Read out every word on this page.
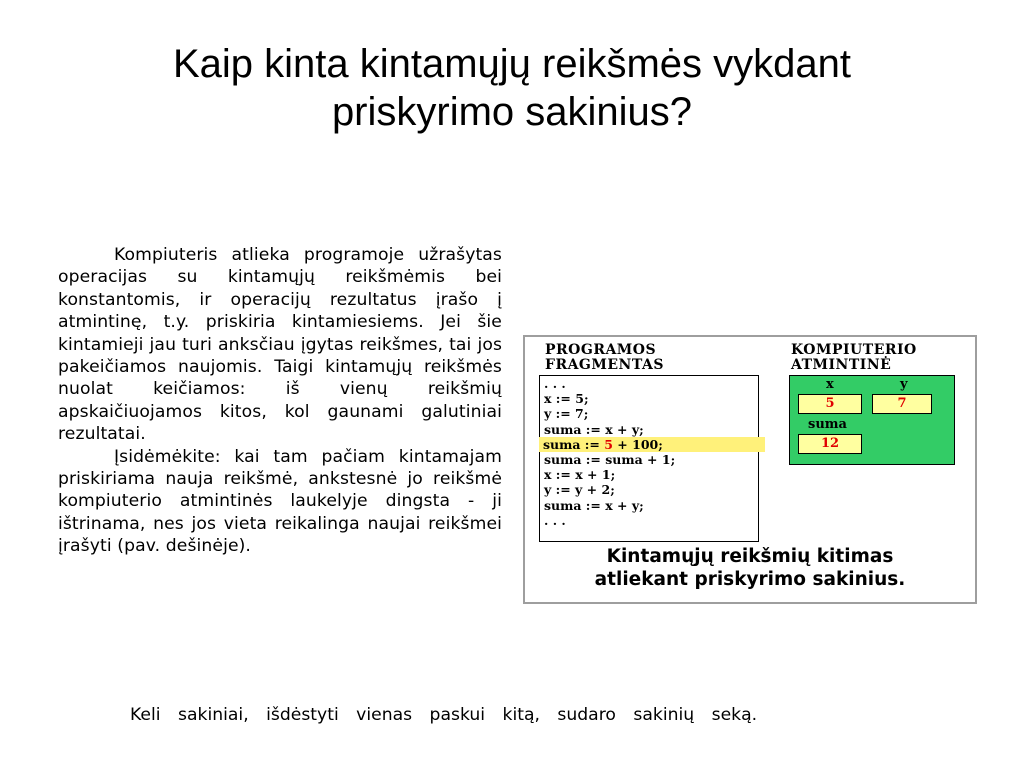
Kaip kinta kintamųjų reikšmės vykdant
priskyrimo sakinius?

Kompiuteris atlieka programoje užrašytas operacijas su kintamųjų reikšmėmis bei konstantomis, ir operacijų rezultatus įrašo į atmintinę, t.y. priskiria kintamiesiems. Jei šie kintamieji jau turi anksčiau įgytas reikšmes, tai jos pakeičiamos naujomis. Taigi kintamųjų reikšmės nuolat keičiamos: iš vienų reikšmių apskaičiuojamos kitos, kol gaunami galutiniai rezultatai.

Įsidėmėkite: kai tam pačiam kintamajam priskiriama nauja reikšmė, ankstesnė jo reikšmė kompiuterio atmintinės laukelyje dingsta - ji ištrinama, nes jos vieta reikalinga naujai reikšmei įrašyti (pav. dešinėje).

PROGRAMOS
FRAGMENTAS
KOMPIUTERIO
ATMINTINĖ
. . .
x := 5;
y := 7;
suma := x + y;
suma := 5 + 100;
suma := suma + 1;
x := x + 1;
y := y + 2;
suma := x + y;
. . .
x
5
y
7
suma
12
Kintamųjų reikšmių kitimas
atliekant priskyrimo sakinius.
Keli sakiniai, išdėstyti vienas paskui kitą, sudaro sakinių seką.
